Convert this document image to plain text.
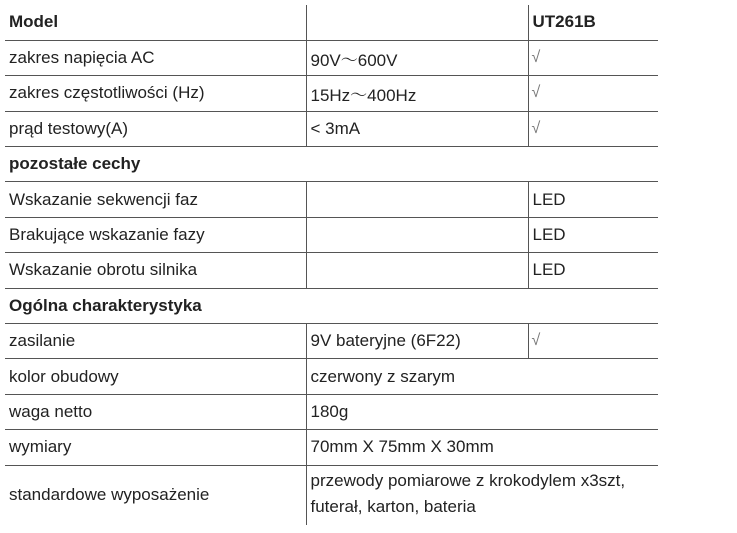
Model		UT261B
zakres napięcia AC	90V～600V	√
zakres częstotliwości (Hz)	15Hz～400Hz	√
prąd testowy(A)	< 3mA	√
pozostałe cechy		
Wskazanie sekwencji faz		LED
Brakujące wskazanie fazy		LED
Wskazanie obrotu silnika		LED
Ogólna charakterystyka		
zasilanie	9V bateryjne (6F22)	√
kolor obudowy	czerwony z szarym	
waga netto	180g	
wymiary	70mm X 75mm X 30mm	
standardowe wyposażenie	przewody pomiarowe z krokodylem x3szt, futerał, karton, bateria	
